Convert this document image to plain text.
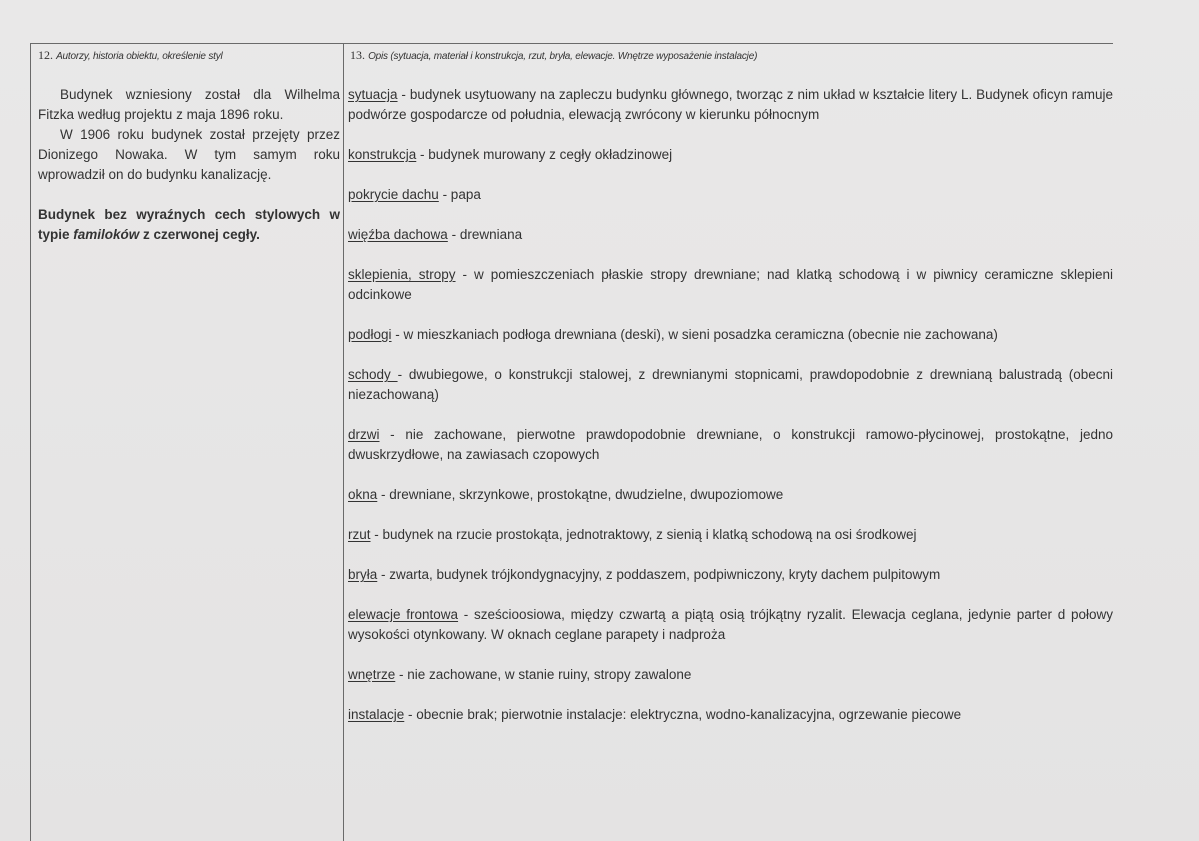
12. Autorzy, historia obiektu, określenie styl	13. Opis (sytuacja, materiał i konstrukcja, rzut, bryła, elewacje. Wnętrze wyposażenie instalacje)

Budynek wzniesiony został dla Wilhelma Fitzka według projektu z maja 1896 roku.

W 1906 roku budynek został przejęty przez Dionizego Nowaka. W tym samym roku wprowadził on do budynku kanalizację.

Budynek bez wyraźnych cech stylowych w typie familoków z czerwonej cegły.

sytuacja - budynek usytuowany na zapleczu budynku głównego, tworząc z nim układ w kształcie litery L. Budynek oficyn ramuje podwórze gospodarcze od południa, elewacją zwrócony w kierunku północnym

konstrukcja - budynek murowany z cegły okładzinowej

pokrycie dachu - papa

więźba dachowa - drewniana

sklepienia, stropy - w pomieszczeniach płaskie stropy drewniane; nad klatką schodową i w piwnicy ceramiczne sklepieni odcinkowe

podłogi - w mieszkaniach podłoga drewniana (deski), w sieni posadzka ceramiczna (obecnie nie zachowana)

schody - dwubiegowe, o konstrukcji stalowej, z drewnianymi stopnicami, prawdopodobnie z drewnianą balustradą (obecni niezachowaną)

drzwi - nie zachowane, pierwotne prawdopodobnie drewniane, o konstrukcji ramowo-płycinowej, prostokątne, jedno dwuskrzydłowe, na zawiasach czopowych

okna - drewniane, skrzynkowe, prostokątne, dwudzielne, dwupoziomowe

rzut - budynek na rzucie prostokąta, jednotraktowy, z sienią i klatką schodową na osi środkowej

bryła - zwarta, budynek trójkondygnacyjny, z poddaszem, podpiwniczony, kryty dachem pulpitowym

elewacje frontowa - sześcioosiowa, między czwartą a piątą osią trójkątny ryzalit. Elewacja ceglana, jedynie parter d połowy wysokości otynkowany. W oknach ceglane parapety i nadproża

wnętrze - nie zachowane, w stanie ruiny, stropy zawalone

instalacje - obecnie brak; pierwotnie instalacje: elektryczna, wodno-kanalizacyjna, ogrzewanie piecowe
